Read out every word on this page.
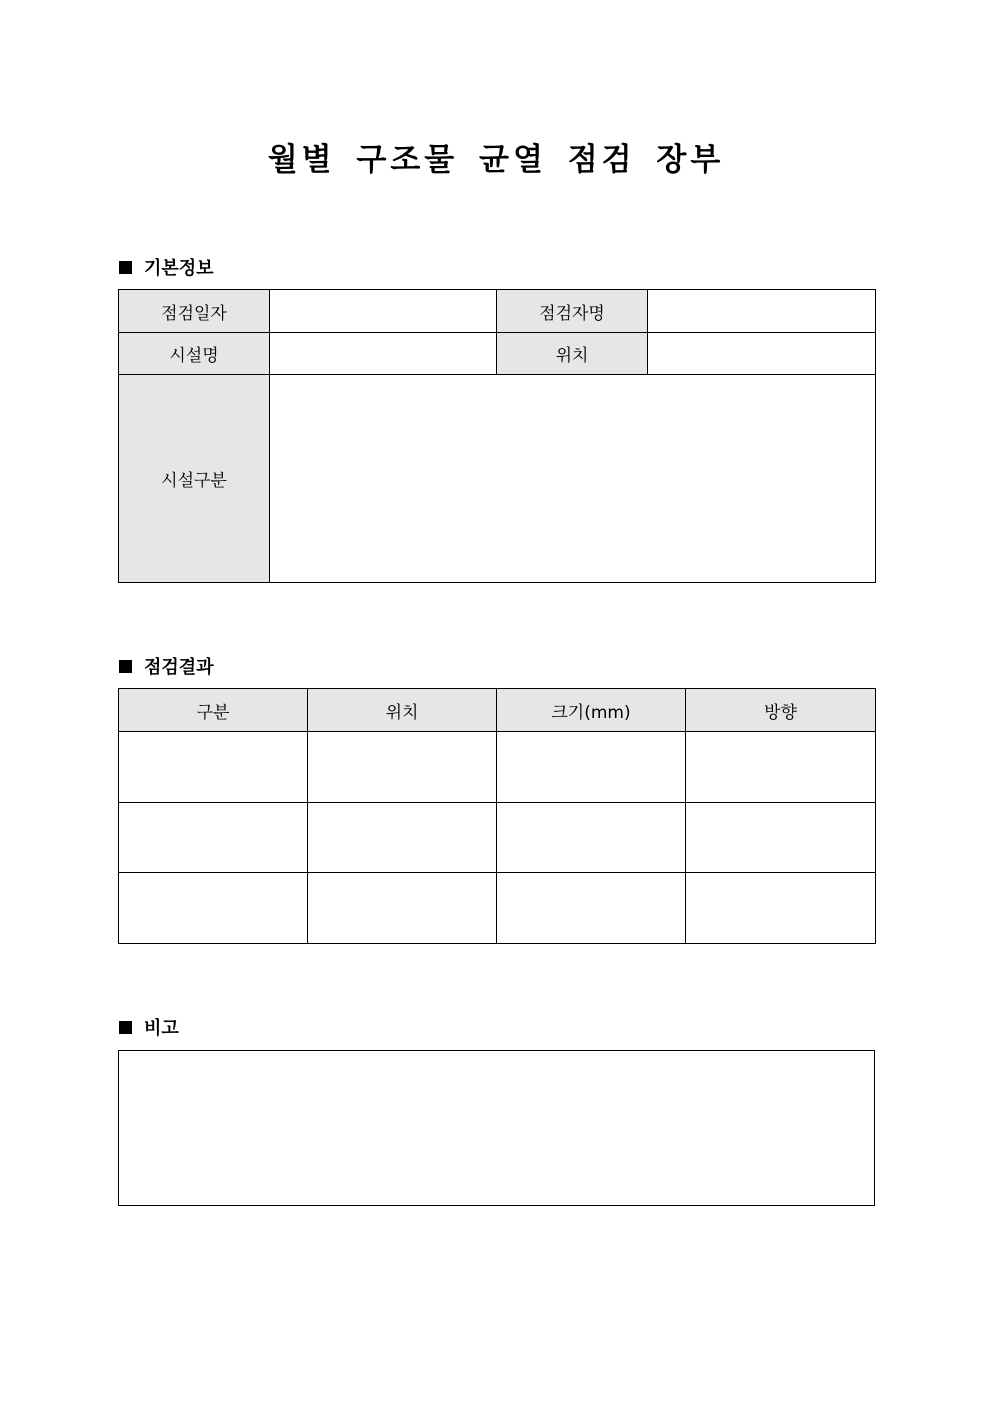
월별 구조물 균열 점검 장부
기본정보
점검일자		점검자명	
시설명		위치	
시설구분			
점검결과
구분	위치	크기(mm)	방향

비고
